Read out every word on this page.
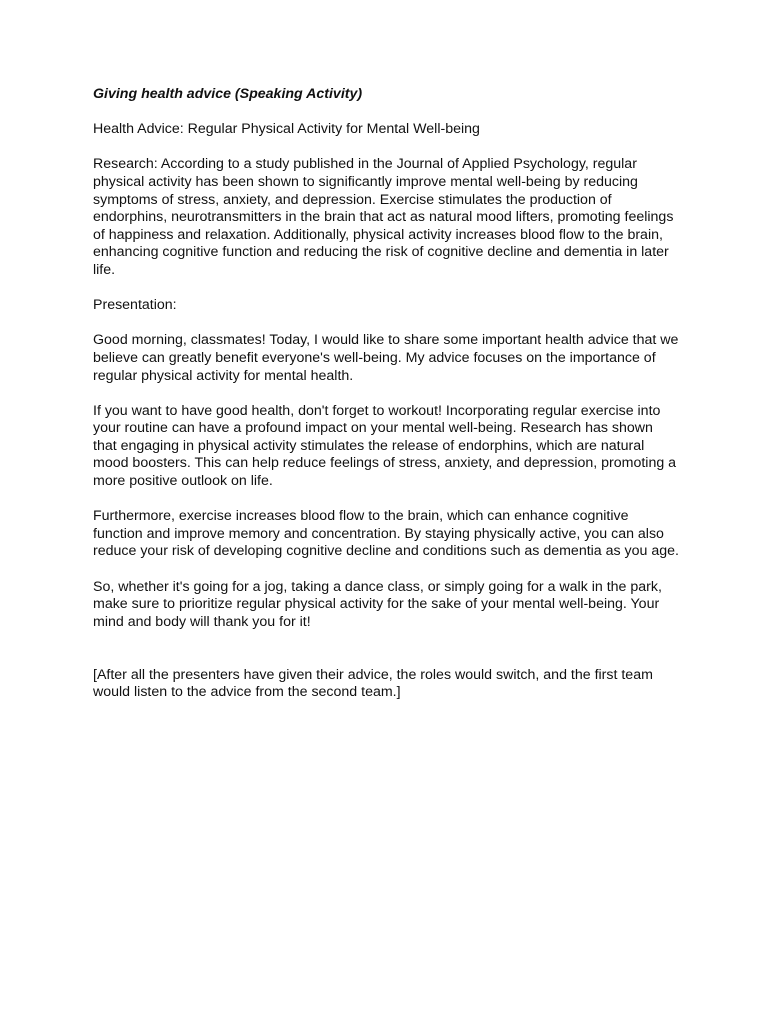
Giving health advice (Speaking Activity)

Health Advice: Regular Physical Activity for Mental Well-being

Research: According to a study published in the Journal of Applied Psychology, regular physical activity has been shown to significantly improve mental well-being by reducing symptoms of stress, anxiety, and depression. Exercise stimulates the production of endorphins, neurotransmitters in the brain that act as natural mood lifters, promoting feelings of happiness and relaxation. Additionally, physical activity increases blood flow to the brain, enhancing cognitive function and reducing the risk of cognitive decline and dementia in later life.

Presentation:

Good morning, classmates! Today, I would like to share some important health advice that we believe can greatly benefit everyone's well-being. My advice focuses on the importance of regular physical activity for mental health.

If you want to have good health, don't forget to workout! Incorporating regular exercise into your routine can have a profound impact on your mental well-being. Research has shown that engaging in physical activity stimulates the release of endorphins, which are natural mood boosters. This can help reduce feelings of stress, anxiety, and depression, promoting a more positive outlook on life.

Furthermore, exercise increases blood flow to the brain, which can enhance cognitive function and improve memory and concentration. By staying physically active, you can also reduce your risk of developing cognitive decline and conditions such as dementia as you age.

So, whether it's going for a jog, taking a dance class, or simply going for a walk in the park, make sure to prioritize regular physical activity for the sake of your mental well-being. Your mind and body will thank you for it!

[After all the presenters have given their advice, the roles would switch, and the first team would listen to the advice from the second team.]
